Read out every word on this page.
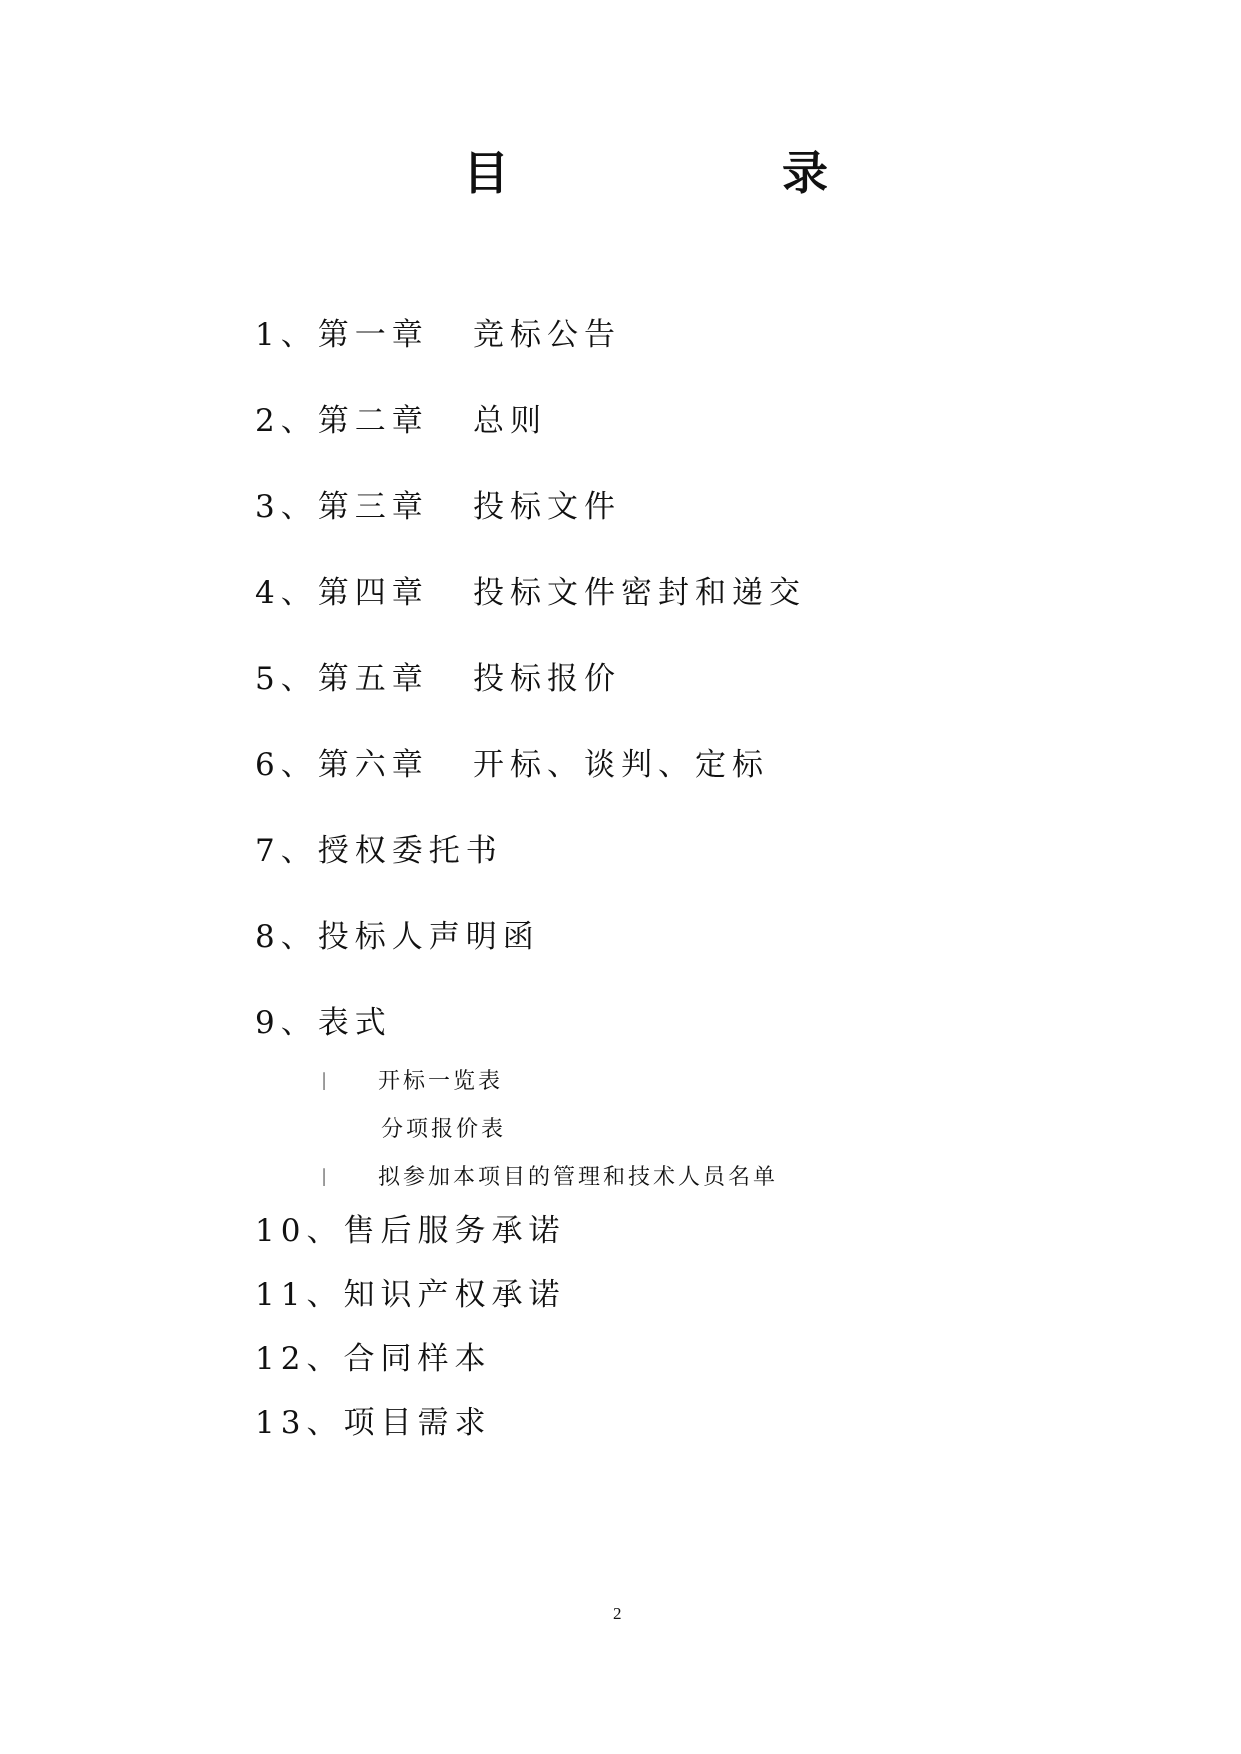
目	录
1、第一章 竞标公告
2、第二章 总则
3、第三章 投标文件
4、第四章 投标文件密封和递交
5、第五章 投标报价
6、第六章 开标、谈判、定标
7、授权委托书
8、投标人声明函
9、表式
| 开标一览表
分项报价表
| 拟参加本项目的管理和技术人员名单
10、售后服务承诺
11、知识产权承诺
12、合同样本
13、项目需求
2
